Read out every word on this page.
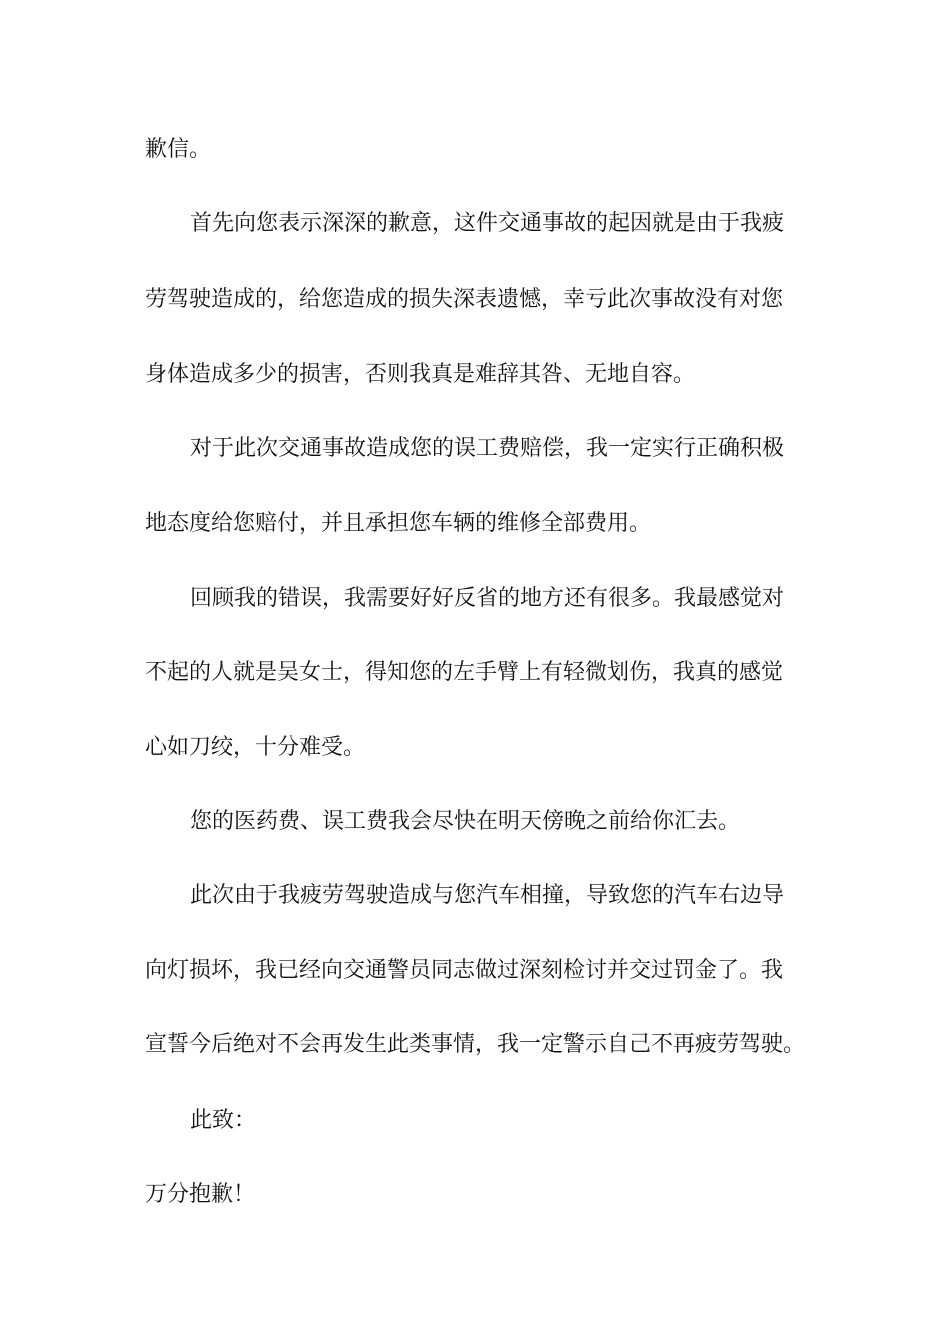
歉信。
首先向您表示深深的歉意，这件交通事故的起因就是由于我疲
劳驾驶造成的，给您造成的损失深表遗憾，幸亏此次事故没有对您
身体造成多少的损害，否则我真是难辞其咎、无地自容。
对于此次交通事故造成您的误工费赔偿，我一定实行正确积极
地态度给您赔付，并且承担您车辆的维修全部费用。
回顾我的错误，我需要好好反省的地方还有很多。我最感觉对
不起的人就是吴女士，得知您的左手臂上有轻微划伤，我真的感觉
心如刀绞，十分难受。
您的医药费、误工费我会尽快在明天傍晚之前给你汇去。
此次由于我疲劳驾驶造成与您汽车相撞，导致您的汽车右边导
向灯损坏，我已经向交通警员同志做过深刻检讨并交过罚金了。我
宣誓今后绝对不会再发生此类事情，我一定警示自己不再疲劳驾驶。
此致：
万分抱歉！
